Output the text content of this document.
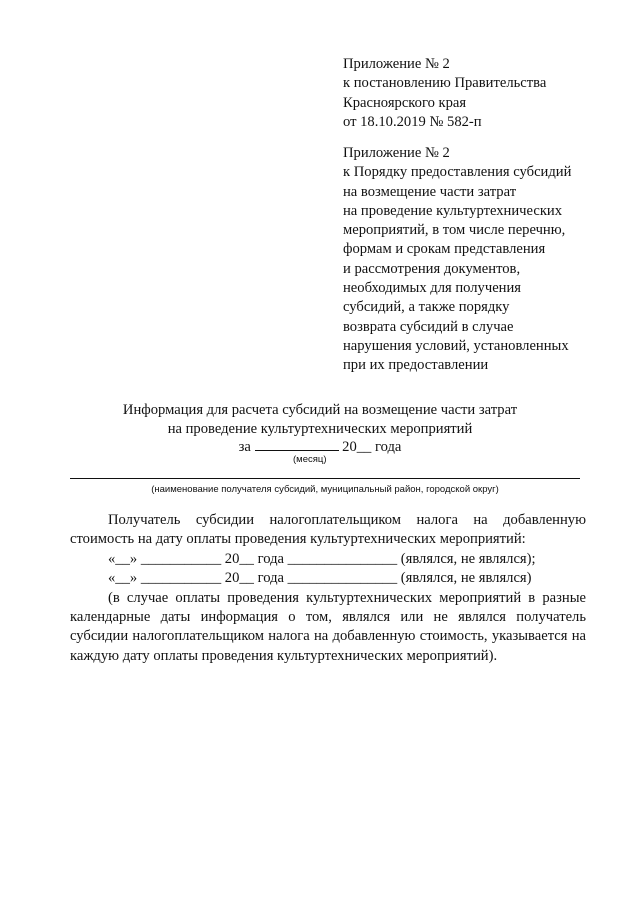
Приложение № 2
к постановлению Правительства
Красноярского края
от 18.10.2019 № 582-п
Приложение № 2
к Порядку предоставления субсидий
на возмещение части затрат
на проведение культуртехнических
мероприятий, в том числе перечню,
формам и срокам представления
и рассмотрения документов,
необходимых для получения
субсидий, а также порядку
возврата субсидий в случае
нарушения условий, установленных
при их предоставлении
Информация для расчета субсидий на возмещение части затрат
на проведение культуртехнических мероприятий
за	20__ года
(месяц)
(наименование получателя субсидий, муниципальный район, городской округ)
Получатель субсидии налогоплательщиком налога на добавленную стоимость на дату оплаты проведения культуртехнических мероприятий:
«__» ___________ 20__ года _______________ (являлся, не являлся);
«__» ___________ 20__ года _______________ (являлся, не являлся)
(в случае оплаты проведения культуртехнических мероприятий в разные календарные даты информация о том, являлся или не являлся получатель субсидии налогоплательщиком налога на добавленную стоимость, указывается на каждую дату оплаты проведения культуртехнических мероприятий).
